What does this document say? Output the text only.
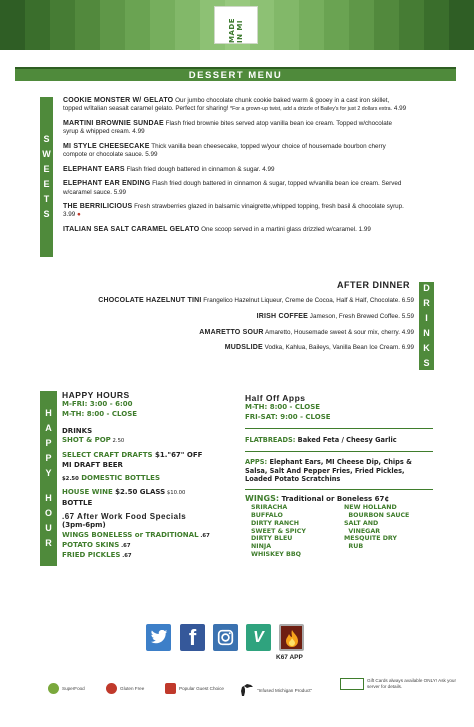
MADE IN MI
DESSERT MENU
S
W
E
E
T
S
COOKIE MONSTER W/ GELATO Our jumbo chocolate chunk cookie baked warm & gooey in a cast iron skillet, topped w/Italian seasalt caramel gelato. Perfect for sharing! *For a grown-up twist, add a drizzle of Bailey's for just 2 dollars extra. 4.99
MARTINI BROWNIE SUNDAE Flash fried brownie bites served atop vanilla bean ice cream. Topped w/chocolate syrup & whipped cream. 4.99
MI STYLE CHEESECAKE Thick vanilla bean cheesecake, topped w/your choice of housemade bourbon cherry compote or chocolate sauce. 5.99
ELEPHANT EARS Flash fried dough battered in cinnamon & sugar. 4.99
ELEPHANT EAR ENDING Flash fried dough battered in cinnamon & sugar, topped w/vanilla bean ice cream. Served w/caramel sauce. 5.99
THE BERRILICIOUS Fresh strawberries glazed in balsamic vinaigrette,whipped topping, fresh basil & chocolate syrup. 3.99 ●
ITALIAN SEA SALT CARAMEL GELATO One scoop served in a martini glass drizzled w/caramel. 1.99
AFTER DINNER D
R
I
N
K
S
CHOCOLATE HAZELNUT TINI Frangelico Hazelnut Liqueur, Creme de Cocoa, Half & Half, Chocolate. 6.59
IRISH COFFEE Jameson, Fresh Brewed Coffee. 5.59
AMARETTO SOUR Amaretto, Housemade sweet & sour mix, cherry. 4.99
MUDSLIDE Vodka, Kahlua, Baileys, Vanilla Bean Ice Cream. 6.99
H
A
P
P
Y
H
O
U
R
HAPPY HOURS
M-FRI: 3:00 - 6:00
M-TH: 8:00 - CLOSE
DRINKS
SHOT & POP 2.50
SELECT CRAFT DRAFTS $1."67" OFF
MI DRAFT BEER
$2.50 DOMESTIC BOTTLES
HOUSE WINE $2.50 GLASS $10.00
BOTTLE
.67 After Work Food Specials
(3pm-6pm)
WINGS BONELESS or TRADITIONAL .67
POTATO SKINS .67
FRIED PICKLES .67
Half Off Apps
M-TH: 8:00 - CLOSE
FRI-SAT: 9:00 - CLOSE
FLATBREADS: Baked Feta / Cheesy Garlic
APPS: Elephant Ears, MI Cheese Dip, Chips & Salsa, Salt And Pepper Fries, Fried Pickles, Loaded Potato Scratchins
WINGS: Traditional or Boneless 67¢
SRIRACHA	NEW HOLLAND
BUFFALO	BOURBON SAUCE
DIRTY RANCH	SALT AND
SWEET & SPICY	VINEGAR
DIRTY BLEU	MESQUITE DRY
NINJA	RUB
WHISKEY BBQ
f	V
K67 APP
SuperFood	Gluten Free	Popular Guest Choice	"Infused Michigan Product"
Gift Cards always available ONLY! Ask your server for details.
